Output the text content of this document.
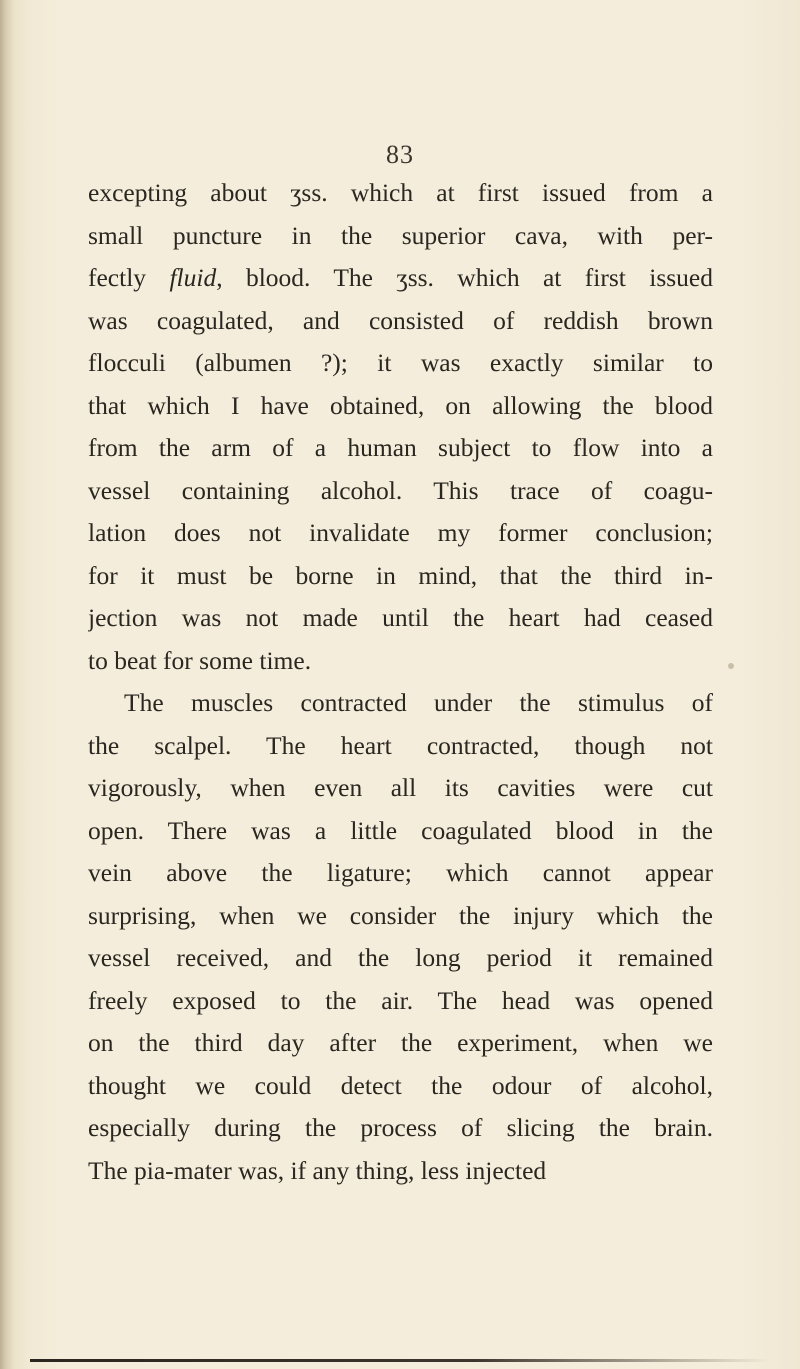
83
excepting about ʒss. which at first issued from a
small puncture in the superior cava, with per-
fectly fluid, blood. The ʒss. which at first issued
was coagulated, and consisted of reddish brown
flocculi (albumen ?); it was exactly similar to
that which I have obtained, on allowing the blood
from the arm of a human subject to flow into a
vessel containing alcohol. This trace of coagu-
lation does not invalidate my former conclusion;
for it must be borne in mind, that the third in-
jection was not made until the heart had ceased
to beat for some time.
The muscles contracted under the stimulus of
the scalpel. The heart contracted, though not
vigorously, when even all its cavities were cut
open. There was a little coagulated blood in the
vein above the ligature; which cannot appear
surprising, when we consider the injury which the
vessel received, and the long period it remained
freely exposed to the air. The head was opened
on the third day after the experiment, when we
thought we could detect the odour of alcohol,
especially during the process of slicing the brain.
The pia-mater was, if any thing, less injected
